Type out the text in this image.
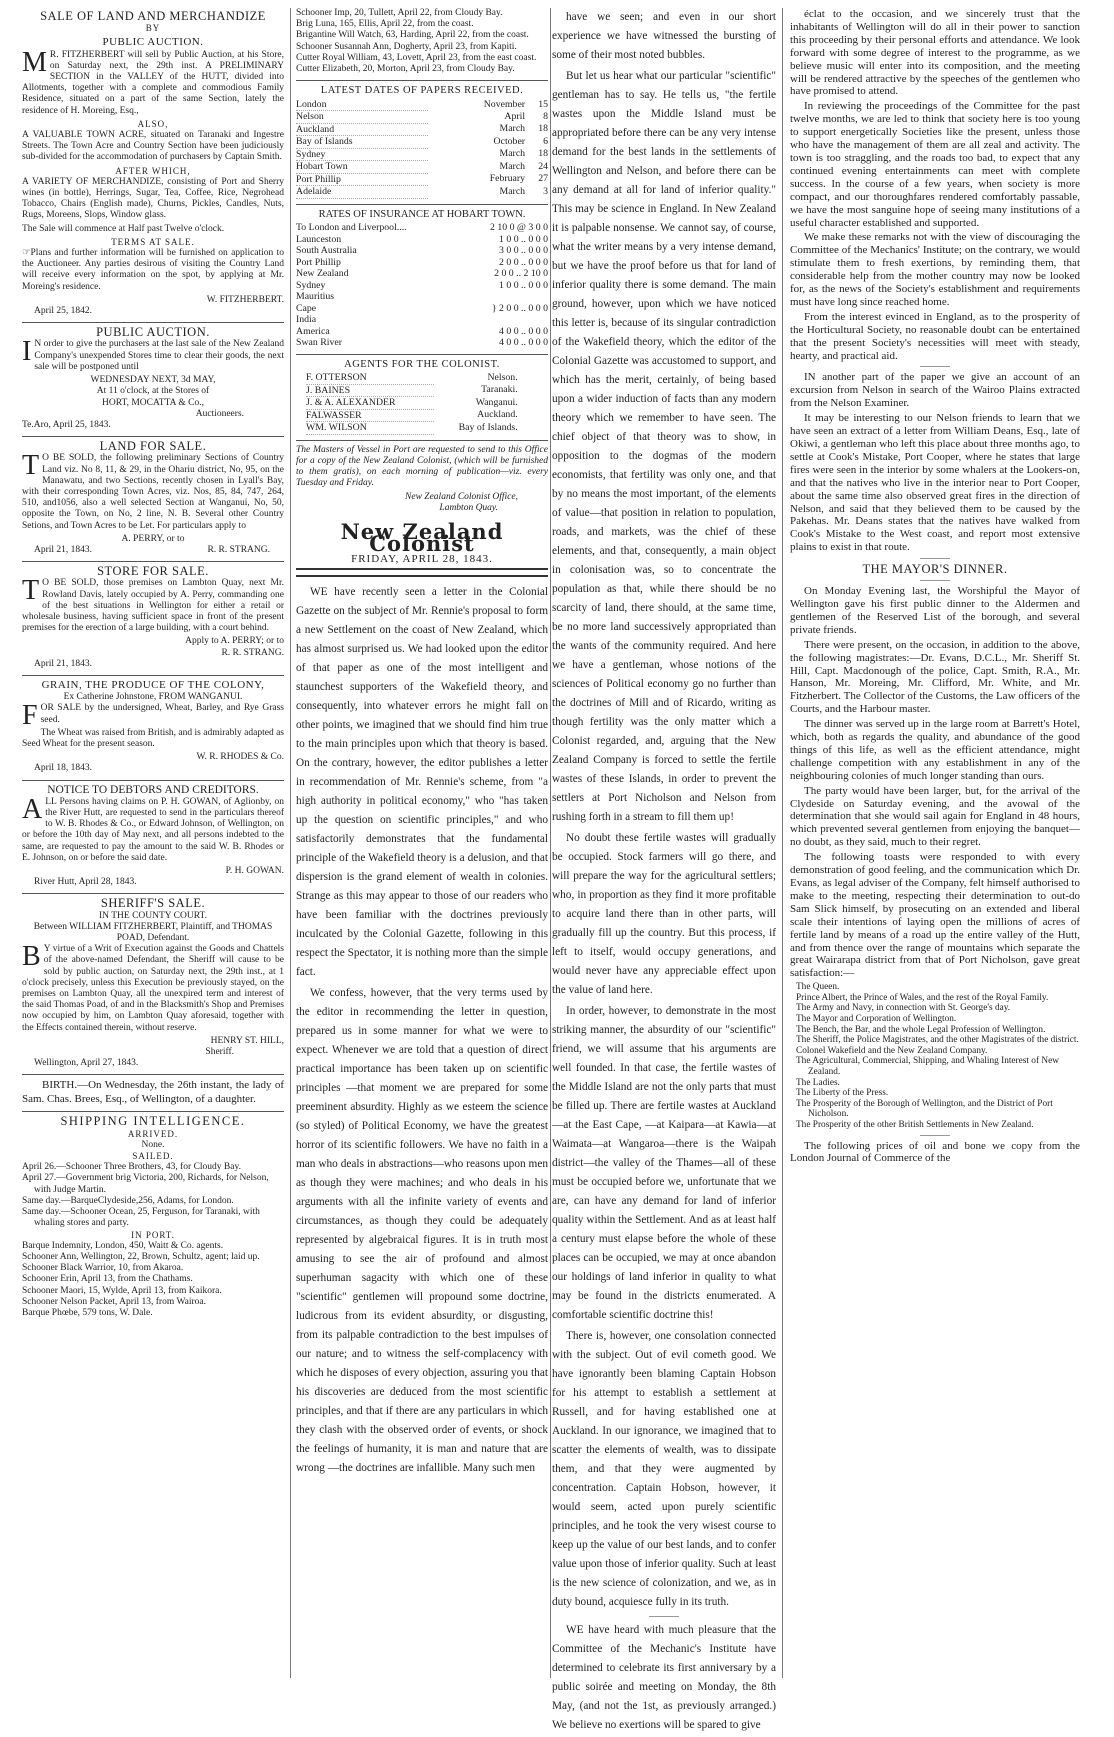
SALE OF LAND AND MERCHANDIZE
BY
PUBLIC AUCTION.

M R. FITZHERBERT will sell by Public Auction, at his Store, on Saturday next, the 29th inst. A PRELIMINARY SECTION in the VALLEY of the HUTT, divided into Allotments, together with a complete and commodious Family Residence, situated on a part of the same Section, lately the residence of H. Moreing, Esq.,

ALSO,

A VALUABLE TOWN ACRE, situated on Taranaki and Ingestre Streets. The Town Acre and Country Section have been judiciously sub-divided for the accommodation of purchasers by Captain Smith.

AFTER WHICH,

A VARIETY OF MERCHANDIZE, consisting of Port and Sherry wines (in bottle), Herrings, Sugar, Tea, Coffee, Rice, Negrohead Tobacco, Chairs (English made), Churns, Pickles, Candles, Nuts, Rugs, Moreens, Slops, Window glass.

The Sale will commence at Half past Twelve o'clock.

TERMS AT SALE.

☞Plans and further information will be furnished on application to the Auctioneer. Any parties desirous of visiting the Country Land will receive every information on the spot, by applying at Mr. Moreing's residence.

W. FITZHERBERT.
April 25, 1842.
PUBLIC AUCTION.

I N order to give the purchasers at the last sale of the New Zealand Company's unexpended Stores time to clear their goods, the next sale will be postponed until

WEDNESDAY NEXT, 3d MAY,
At 11 o'clock, at the Stores of
HORT, MOCATTA & Co.,
Auctioneers.
Te.Aro, April 25, 1843.
LAND FOR SALE.

T O BE SOLD, the following preliminary Sections of Country Land viz. No 8, 11, & 29, in the Ohariu district, No, 95, on the Manawatu, and two Sections, recently chosen in Lyall's Bay, with their corresponding Town Acres, viz. Nos, 85, 84, 747, 264, 510, and1056, also a well selected Section at Wanganui, No, 50, opposite the Town, on No, 2 line, N. B. Several other Country Setions, and Town Acres to be Let. For particulars apply to

A. PERRY, or to
April 21, 1843.	R. R. STRANG.
STORE FOR SALE.

T O BE SOLD, those premises on Lambton Quay, next Mr. Rowland Davis, lately occupied by A. Perry, commanding one of the best situations in Wellington for either a retail or wholesale business, having sufficient space in front of the present premises for the erection of a large building, with a court behind.

Apply to A. PERRY; or to
R. R. STRANG.
April 21, 1843.
GRAIN, THE PRODUCE OF THE COLONY,
Ex Catherine Johnstone, FROM WANGANUI.

FOR SALE by the undersigned, Wheat, Barley, and Rye Grass seed.

The Wheat was raised from British, and is admirably adapted as Seed Wheat for the present season.

W. R. RHODES & Co.
April 18, 1843.
NOTICE TO DEBTORS AND CREDITORS.

ALL Persons having claims on P. H. GOWAN, of Aglionby, on the River Hutt, are requested to send in the particulars thereof to W. B. Rhodes & Co., or Edward Johnson, of Wellington, on or before the 10th day of May next, and all persons indebted to the same, are requested to pay the amount to the said W. B. Rhodes or E. Johnson, on or before the said date.

P. H. GOWAN.
River Hutt, April 28, 1843.
SHERIFF'S SALE.
IN THE COUNTY COURT.
Between WILLIAM FITZHERBERT, Plaintiff, and THOMAS POAD, Defendant.

B Y virtue of a Writ of Execution against the Goods and Chattels of the above-named Defendant, the Sheriff will cause to be sold by public auction, on Saturday next, the 29th inst., at 1 o'clock precisely, unless this Execution be previously stayed, on the premises on Lambton Quay, all the unexpired term and interest of the said Thomas Poad, of and in the Blacksmith's Shop and Premises now occupied by him, on Lambton Quay aforesaid, together with the Effects contained therein, without reserve.

HENRY ST. HILL,
Sheriff.
Wellington, April 27, 1843.

BIRTH.—On Wednesday, the 26th instant, the lady of Sam. Chas. Brees, Esq., of Wellington, of a daughter.

SHIPPING INTELLIGENCE.
ARRIVED.
None.
SAILED.
April 26.—Schooner Three Brothers, 43, for Cloudy Bay.
April 27.—Government brig Victoria, 200, Richards, for Nelson, with Judge Martin.
Same day.—BarqueClydeside,256, Adams, for London.
Same day.—Schooner Ocean, 25, Ferguson, for Taranaki, with whaling stores and party.
IN PORT.
Barque Indemnity, London, 450, Waitt & Co. agents.
Schooner Ann, Wellington, 22, Brown, Schultz, agent; laid up.
Schooner Black Warrior, 10, from Akaroa.
Schooner Erin, April 13, from the Chathams.
Schooner Maori, 15, Wylde, April 13, from Kaikora.
Schooner Nelson Packet, April 13, from Wairoa.
Barque Phœbe, 579 tons, W. Dale.
Schooner Imp, 20, Tullett, April 22, from Cloudy Bay.
Brig Luna, 165, Ellis, April 22, from the coast.
Brigantine Will Watch, 63, Harding, April 22, from the coast.
Schooner Susannah Ann, Dogherty, April 23, from Kapiti.
Cutter Royal William, 43, Lovett, April 23, from the east coast.
Cutter Elizabeth, 20, Morton, April 23, from Cloudy Bay.
LATEST DATES OF PAPERS RECEIVED.
London	November	15
Nelson	April	8
Auckland	March	18
Bay of Islands	October	6
Sydney	March	18
Hobart Town	March	24
Port Phillip	February	27
Adelaide	March	3
RATES OF INSURANCE AT HOBART TOWN.
To London and Liverpool....	2 10 0 @ 3 0 0
Launceston	1 0 0 .. 0 0 0
South Australia	3 0 0 .. 0 0 0
Port Phillip	2 0 0 .. 0 0 0
New Zealand	2 0 0 .. 2 10 0
Sydney	1 0 0 .. 0 0 0
Mauritius	
Cape	} 2 0 0 .. 0 0 0
India	
America	4 0 0 .. 0 0 0
Swan River	4 0 0 .. 0 0 0
AGENTS FOR THE COLONIST.
F. OTTERSON	Nelson.
J. BAINES	Taranaki.
J. & A. ALEXANDER	Wanganui.
FALWASSER	Auckland.
WM. WILSON	Bay of Islands.

The Masters of Vessel in Port are requested to send to this Office for a copy of the New Zealand Colonist, (which will be furnished to them gratis), on each morning of publication—viz. every Tuesday and Friday.

New Zealand Colonist Office,
Lambton Quay.
New Zealand Colonist
FRIDAY, APRIL 28, 1843.

WE have recently seen a letter in the Colonial Gazette on the subject of Mr. Rennie's proposal to form a new Settlement on the coast of New Zealand, which has almost surprised us. We had looked upon the editor of that paper as one of the most intelligent and staunchest supporters of the Wakefield theory, and consequently, into whatever errors he might fall on other points, we imagined that we should find him true to the main principles upon which that theory is based. On the contrary, however, the editor publishes a letter in recommendation of Mr. Rennie's scheme, from "a high authority in political economy," who "has taken up the question on scientific principles," and who satisfactorily demonstrates that the fundamental principle of the Wakefield theory is a delusion, and that dispersion is the grand element of wealth in colonies. Strange as this may appear to those of our readers who have been familiar with the doctrines previously inculcated by the Colonial Gazette, following in this respect the Spectator, it is nothing more than the simple fact.

We confess, however, that the very terms used by the editor in recommending the letter in question, prepared us in some manner for what we were to expect. Whenever we are told that a question of direct practical importance has been taken up on scientific principles —that moment we are prepared for some preeminent absurdity. Highly as we esteem the science (so styled) of Political Economy, we have the greatest horror of its scientific followers. We have no faith in a man who deals in abstractions—who reasons upon men as though they were machines; and who deals in his arguments with all the infinite variety of events and circumstances, as though they could be adequately represented by algebraical figures. It is in truth most amusing to see the air of profound and almost superhuman sagacity with which one of these "scientific" gentlemen will propound some doctrine, ludicrous from its evident absurdity, or disgusting, from its palpable contradiction to the best impulses of our nature; and to witness the self-complacency with which he disposes of every objection, assuring you that his discoveries are deduced from the most scientific principles, and that if there are any particulars in which they clash with the observed order of events, or shock the feelings of humanity, it is man and nature that are wrong —the doctrines are infallible. Many such men

have we seen; and even in our short experience we have witnessed the bursting of some of their most noted bubbles.

But let us hear what our particular "scientific" gentleman has to say. He tells us, "the fertile wastes upon the Middle Island must be appropriated before there can be any very intense demand for the best lands in the settlements of Wellington and Nelson, and before there can be any demand at all for land of inferior quality." This may be science in England. In New Zealand it is palpable nonsense. We cannot say, of course, what the writer means by a very intense demand, but we have the proof before us that for land of inferior quality there is some demand. The main ground, however, upon which we have noticed this letter is, because of its singular contradiction of the Wakefield theory, which the editor of the Colonial Gazette was accustomed to support, and which has the merit, certainly, of being based upon a wider induction of facts than any modern theory which we remember to have seen. The chief object of that theory was to show, in opposition to the dogmas of the modern economists, that fertility was only one, and that by no means the most important, of the elements of value—that position in relation to population, roads, and markets, was the chief of these elements, and that, consequently, a main object in colonisation was, so to concentrate the population as that, while there should be no scarcity of land, there should, at the same time, be no more land successively appropriated than the wants of the community required. And here we have a gentleman, whose notions of the sciences of Political economy go no further than the doctrines of Mill and of Ricardo, writing as though fertility was the only matter which a Colonist regarded, and, arguing that the New Zealand Company is forced to settle the fertile wastes of these Islands, in order to prevent the settlers at Port Nicholson and Nelson from rushing forth in a stream to fill them up!

No doubt these fertile wastes will gradually be occupied. Stock farmers will go there, and will prepare the way for the agricultural settlers; who, in proportion as they find it more profitable to acquire land there than in other parts, will gradually fill up the country. But this process, if left to itself, would occupy generations, and would never have any appreciable effect upon the value of land here.

In order, however, to demonstrate in the most striking manner, the absurdity of our "scientific" friend, we will assume that his arguments are well founded. In that case, the fertile wastes of the Middle Island are not the only parts that must be filled up. There are fertile wastes at Auckland—at the East Cape, —at Kaipara—at Kawia—at Waimata—at Wangaroa—there is the Waipah district—the valley of the Thames—all of these must be occupied before we, unfortunate that we are, can have any demand for land of inferior quality within the Settlement. And as at least half a century must elapse before the whole of these places can be occupied, we may at once abandon our holdings of land inferior in quality to what may be found in the districts enumerated. A comfortable scientific doctrine this!

There is, however, one consolation connected with the subject. Out of evil cometh good. We have ignorantly been blaming Captain Hobson for his attempt to establish a settlement at Russell, and for having established one at Auckland. In our ignorance, we imagined that to scatter the elements of wealth, was to dissipate them, and that they were augmented by concentration. Captain Hobson, however, it would seem, acted upon purely scientific principles, and he took the very wisest course to keep up the value of our best lands, and to confer value upon those of inferior quality. Such at least is the new science of colonization, and we, as in duty bound, acquiesce fully in its truth.

WE have heard with much pleasure that the Committee of the Mechanic's Institute have determined to celebrate its first anniversary by a public soirée and meeting on Monday, the 8th May, (and not the 1st, as previously arranged.) We believe no exertions will be spared to give

éclat to the occasion, and we sincerely trust that the inhabitants of Wellington will do all in their power to sanction this proceeding by their personal efforts and attendance. We look forward with some degree of interest to the programme, as we believe music will enter into its composition, and the meeting will be rendered attractive by the speeches of the gentlemen who have promised to attend.

In reviewing the proceedings of the Committee for the past twelve months, we are led to think that society here is too young to support energetically Societies like the present, unless those who have the management of them are all zeal and activity. The town is too straggling, and the roads too bad, to expect that any continued evening entertainments can meet with complete success. In the course of a few years, when society is more compact, and our thoroughfares rendered comfortably passable, we have the most sanguine hope of seeing many institutions of a useful character established and supported.

We make these remarks not with the view of discouraging the Committee of the Mechanics' Institute; on the contrary, we would stimulate them to fresh exertions, by reminding them, that considerable help from the mother country may now be looked for, as the news of the Society's establishment and requirements must have long since reached home.

From the interest evinced in England, as to the prosperity of the Horticultural Society, no reasonable doubt can be entertained that the present Society's necessities will meet with steady, hearty, and practical aid.

IN another part of the paper we give an account of an excursion from Nelson in search of the Wairoo Plains extracted from the Nelson Examiner.

It may be interesting to our Nelson friends to learn that we have seen an extract of a letter from William Deans, Esq., late of Okiwi, a gentleman who left this place about three months ago, to settle at Cook's Mistake, Port Cooper, where he states that large fires were seen in the interior by some whalers at the Lookers-on, and that the natives who live in the interior near to Port Cooper, about the same time also observed great fires in the direction of Nelson, and said that they believed them to be caused by the Pakehas. Mr. Deans states that the natives have walked from Cook's Mistake to the West coast, and report most extensive plains to exist in that route.

THE MAYOR'S DINNER.

On Monday Evening last, the Worshipful the Mayor of Wellington gave his first public dinner to the Aldermen and gentlemen of the Reserved List of the borough, and several private friends.

There were present, on the occasion, in addition to the above, the following magistrates:—Dr. Evans, D.C.L., Mr. Sheriff St. Hill, Capt. Macdonough of the police, Capt. Smith, R.A., Mr. Hanson, Mr. Moreing, Mr. Clifford, Mr. White, and Mr. Fitzherbert. The Collector of the Customs, the Law officers of the Courts, and the Harbour master.

The dinner was served up in the large room at Barrett's Hotel, which, both as regards the quality, and abundance of the good things of this life, as well as the efficient attendance, might challenge competition with any establishment in any of the neighbouring colonies of much longer standing than ours.

The party would have been larger, but, for the arrival of the Clydeside on Saturday evening, and the avowal of the determination that she would sail again for England in 48 hours, which prevented several gentlemen from enjoying the banquet—no doubt, as they said, much to their regret.

The following toasts were responded to with every demonstration of good feeling, and the communication which Dr. Evans, as legal adviser of the Company, felt himself authorised to make to the meeting, respecting their determination to out-do Sam Slick himself, by prosecuting on an extended and liberal scale their intentions of laying open the millions of acres of fertile land by means of a road up the entire valley of the Hutt, and from thence over the range of mountains which separate the great Wairarapa district from that of Port Nicholson, gave great satisfaction:—

The Queen.
Prince Albert, the Prince of Wales, and the rest of the Royal Family.
The Army and Navy, in connection with St. George's day.
The Mayor and Corporation of Wellington.
The Bench, the Bar, and the whole Legal Profession of Wellington.
The Sheriff, the Police Magistrates, and the other Magistrates of the district.
Colonel Wakefield and the New Zealand Company.
The Agricultural, Commercial, Shipping, and Whaling Interest of New Zealand.
The Ladies.
The Liberty of the Press.
The Prosperity of the Borough of Wellington, and the District of Port Nicholson.
The Prosperity of the other British Settlements in New Zealand.

The following prices of oil and bone we copy from the London Journal of Commerce of the
